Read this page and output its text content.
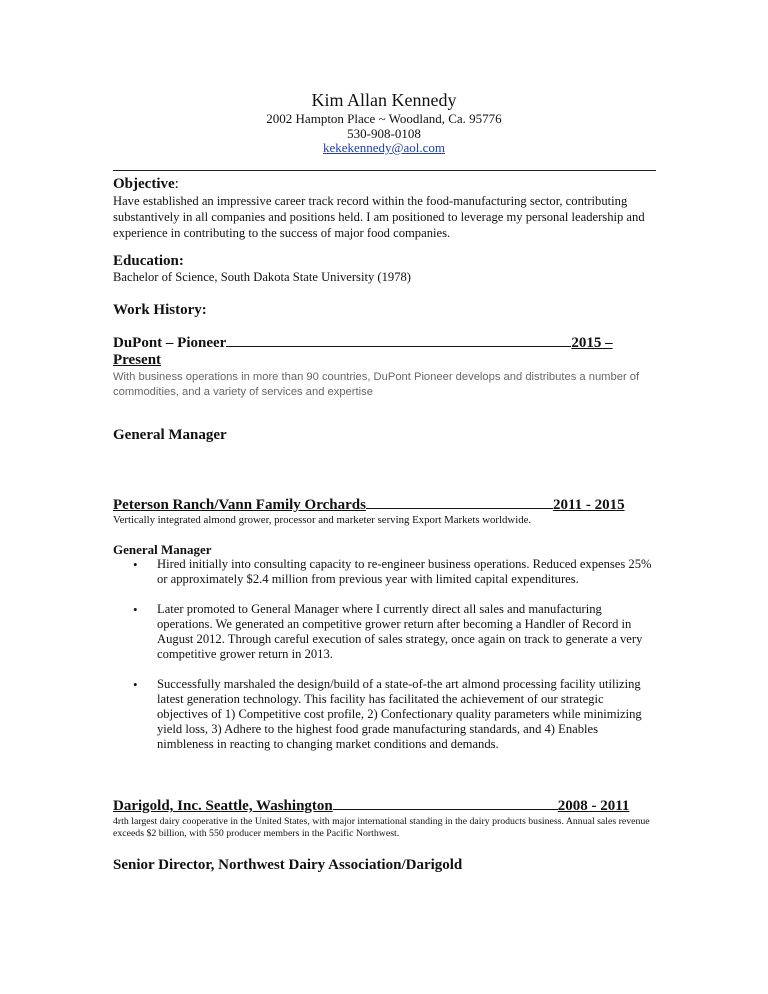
Kim Allan Kennedy
2002 Hampton Place ~ Woodland, Ca. 95776
530-908-0108
kekekennedy@aol.com
Objective:
Have established an impressive career track record within the food-manufacturing sector, contributing substantively in all companies and positions held. I am positioned to leverage my personal leadership and experience in contributing to the success of major food companies.
Education:
Bachelor of Science, South Dakota State University (1978)
Work History:
DuPont – Pioneer	2015 –
Present
With business operations in more than 90 countries, DuPont Pioneer develops and distributes a number of commodities, and a variety of services and expertise
General Manager
Peterson Ranch/Vann Family Orchards	2011 - 2015
Vertically integrated almond grower, processor and marketer serving Export Markets worldwide.
General Manager
• Hired initially into consulting capacity to re-engineer business operations. Reduced expenses 25% or approximately $2.4 million from previous year with limited capital expenditures.
• Later promoted to General Manager where I currently direct all sales and manufacturing operations. We generated an competitive grower return after becoming a Handler of Record in August 2012. Through careful execution of sales strategy, once again on track to generate a very competitive grower return in 2013.
• Successfully marshaled the design/build of a state-of-the art almond processing facility utilizing latest generation technology. This facility has facilitated the achievement of our strategic objectives of 1) Competitive cost profile, 2) Confectionary quality parameters while minimizing yield loss, 3) Adhere to the highest food grade manufacturing standards, and 4) Enables nimbleness in reacting to changing market conditions and demands.
Darigold, Inc. Seattle, Washington	2008 - 2011
4rth largest dairy cooperative in the United States, with major international standing in the dairy products business. Annual sales revenue exceeds $2 billion, with 550 producer members in the Pacific Northwest.
Senior Director, Northwest Dairy Association/Darigold
